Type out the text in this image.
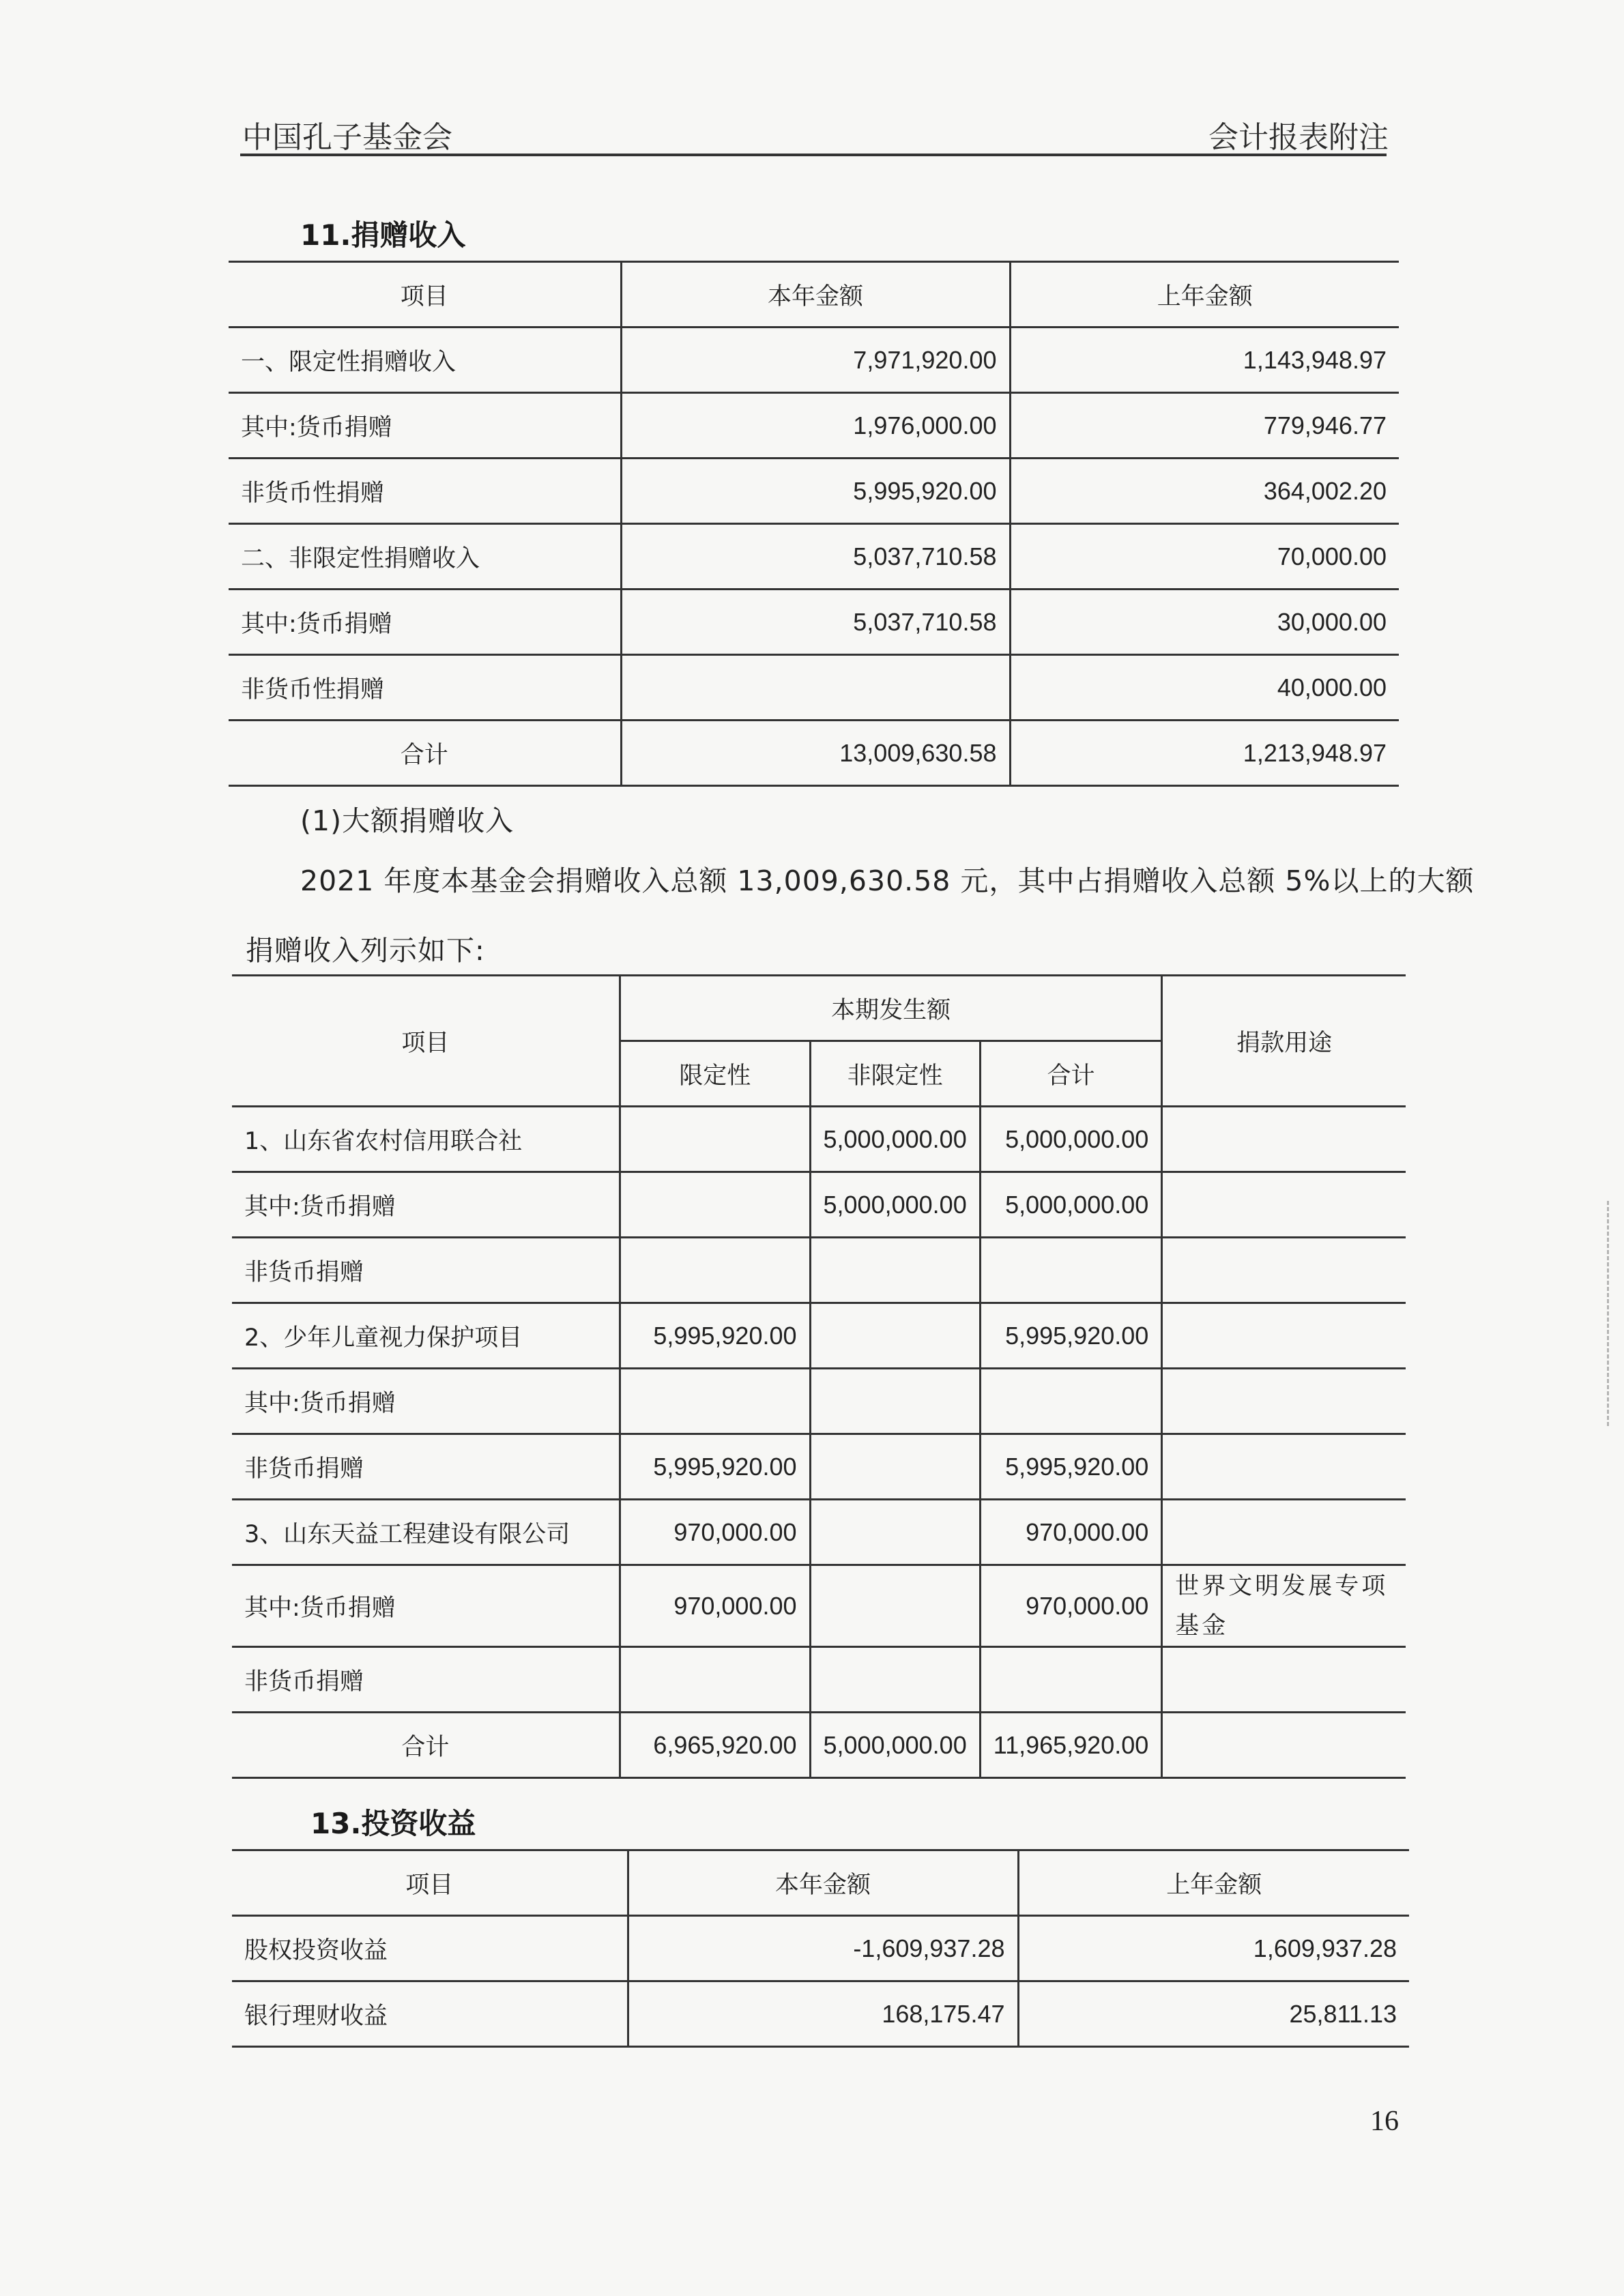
中国孔子基金会	会计报表附注
11.捐赠收入
项目	本年金额	上年金额
一、限定性捐赠收入	7,971,920.00	1,143,948.97
其中:货币捐赠	1,976,000.00	779,946.77
非货币性捐赠	5,995,920.00	364,002.20
二、非限定性捐赠收入	5,037,710.58	70,000.00
其中:货币捐赠	5,037,710.58	30,000.00
非货币性捐赠		40,000.00
合计	13,009,630.58	1,213,948.97
(1)大额捐赠收入
2021 年度本基金会捐赠收入总额 13,009,630.58 元，其中占捐赠收入总额 5%以上的大额
捐赠收入列示如下:
项目	本期发生额			捐款用途
	限定性	非限定性	合计	
1、山东省农村信用联合社		5,000,000.00	5,000,000.00	
其中:货币捐赠		5,000,000.00	5,000,000.00	
非货币捐赠				
2、少年儿童视力保护项目	5,995,920.00		5,995,920.00	
其中:货币捐赠				
非货币捐赠	5,995,920.00		5,995,920.00	
3、山东天益工程建设有限公司	970,000.00		970,000.00	
其中:货币捐赠	970,000.00		970,000.00	世界文明发展专项基金
非货币捐赠				
合计	6,965,920.00	5,000,000.00	11,965,920.00	
13.投资收益
项目	本年金额	上年金额
股权投资收益	-1,609,937.28	1,609,937.28
银行理财收益	168,175.47	25,811.13
16
